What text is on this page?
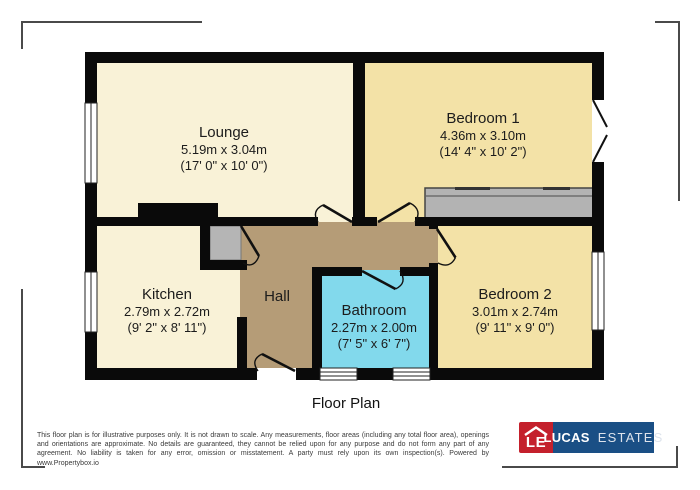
Lounge
5.19m x 3.04m
(17' 0" x 10' 0")
Bedroom 1
4.36m x 3.10m
(14' 4" x 10' 2")
Kitchen
2.79m x 2.72m
(9' 2" x 8' 11")
Hall
Bathroom
2.27m x 2.00m
(7' 5" x 6' 7")
Bedroom 2
3.01m x 2.74m
(9' 11" x 9' 0")
Floor Plan
This floor plan is for illustrative purposes only. It is not drawn to scale. Any measurements, floor areas (including any total floor area), openings and orientations are approximate. No details are guaranteed, they cannot be relied upon for any purpose and do not form any part of any agreement. No liability is taken for any error, omission or misstatement. A party must rely upon its own inspection(s). Powered by www.Propertybox.io
LE
LUCAS ESTATES
